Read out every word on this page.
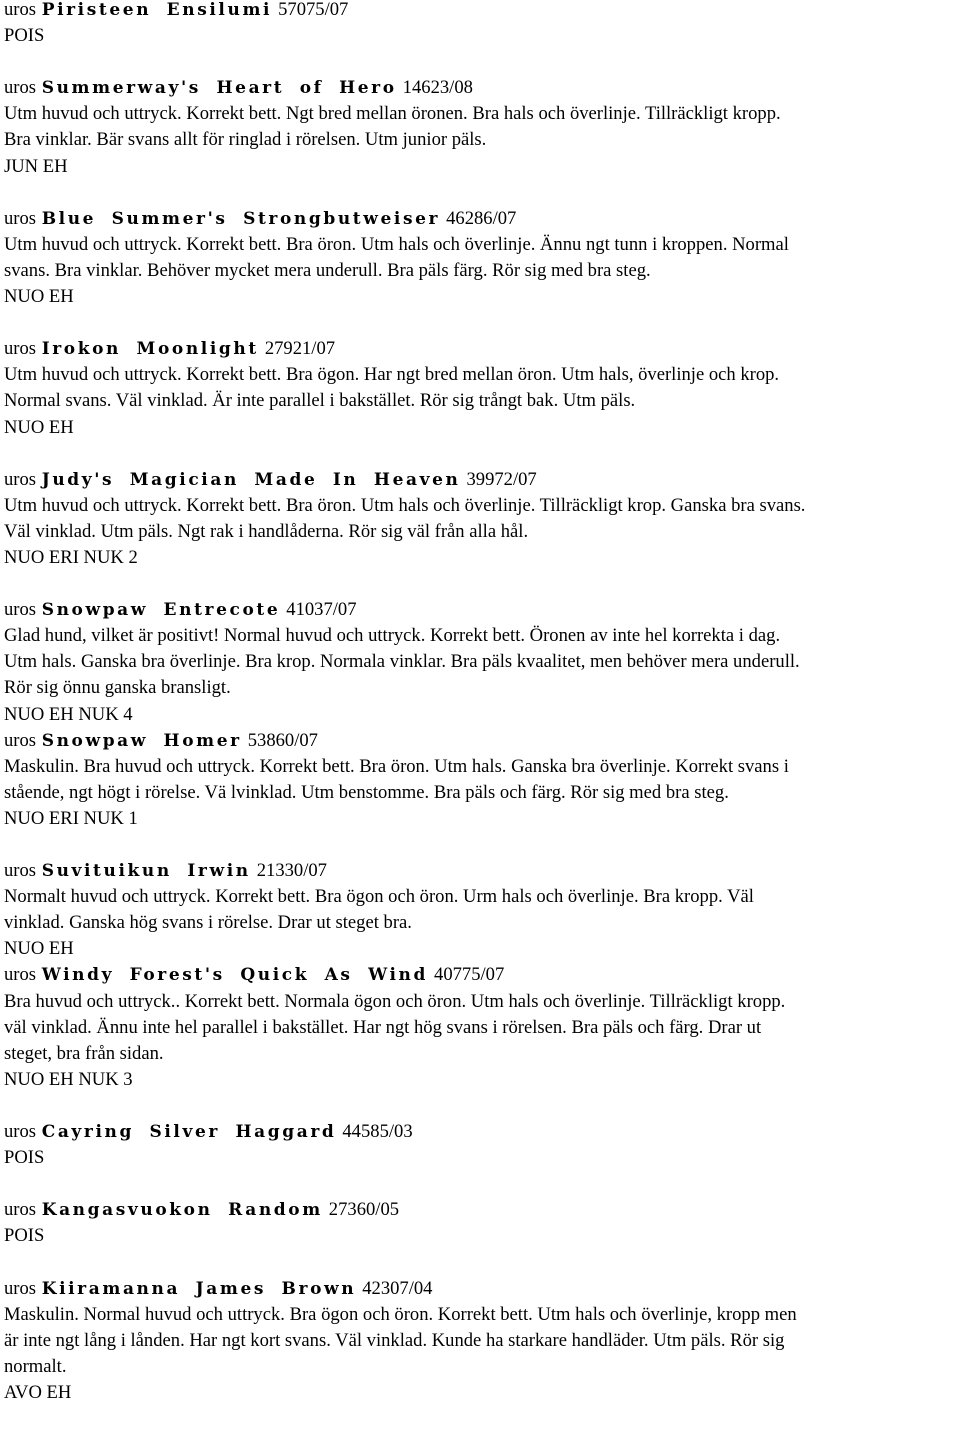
uros Piristeen Ensilumi 57075/07
POIS
uros Summerway's Heart of Hero 14623/08
Utm huvud och uttryck. Korrekt bett. Ngt bred mellan öronen. Bra hals och överlinje. Tillräckligt kropp.
Bra vinklar. Bär svans allt för ringlad i rörelsen. Utm junior päls.
JUN EH
uros Blue Summer's Strongbutweiser 46286/07
Utm huvud och uttryck. Korrekt bett. Bra öron. Utm hals och överlinje. Ännu ngt tunn i kroppen. Normal
svans. Bra vinklar. Behöver mycket mera underull. Bra päls färg. Rör sig med bra steg.
NUO EH
uros Irokon Moonlight 27921/07
Utm huvud och uttryck. Korrekt bett. Bra ögon. Har ngt bred mellan öron. Utm hals, överlinje och krop.
Normal svans. Väl vinklad. Är inte parallel i bakstället. Rör sig trångt bak. Utm päls.
NUO EH
uros Judy's Magician Made In Heaven 39972/07
Utm huvud och uttryck. Korrekt bett. Bra öron. Utm hals och överlinje. Tillräckligt krop. Ganska bra svans.
Väl vinklad. Utm päls. Ngt rak i handlåderna. Rör sig väl från alla hål.
NUO ERI NUK 2
uros Snowpaw Entrecote 41037/07
Glad hund, vilket är positivt! Normal huvud och uttryck. Korrekt bett. Öronen av inte hel korrekta i dag.
Utm hals. Ganska bra överlinje. Bra krop. Normala vinklar. Bra päls kvaalitet, men behöver mera underull.
Rör sig önnu ganska bransligt.
NUO EH NUK 4
uros Snowpaw Homer 53860/07
Maskulin. Bra huvud och uttryck. Korrekt bett. Bra öron. Utm hals. Ganska bra överlinje. Korrekt svans i
stående, ngt högt i rörelse. Vä lvinklad. Utm benstomme. Bra päls och färg. Rör sig med bra steg.
NUO ERI NUK 1
uros Suvituikun Irwin 21330/07
Normalt huvud och uttryck. Korrekt bett. Bra ögon och öron. Urm hals och överlinje. Bra kropp. Väl
vinklad. Ganska hög svans i rörelse. Drar ut steget bra.
NUO EH
uros Windy Forest's Quick As Wind 40775/07
Bra huvud och uttryck.. Korrekt bett. Normala ögon och öron. Utm hals och överlinje. Tillräckligt kropp.
väl vinklad. Ännu inte hel parallel i bakstället. Har ngt hög svans i rörelsen. Bra päls och färg. Drar ut
steget, bra från sidan.
NUO EH NUK 3
uros Cayring Silver Haggard 44585/03
POIS
uros Kangasvuokon Random 27360/05
POIS
uros Kiiramanna James Brown 42307/04
Maskulin. Normal huvud och uttryck. Bra ögon och öron. Korrekt bett. Utm hals och överlinje, kropp men
är inte ngt lång i lånden. Har ngt kort svans. Väl vinklad. Kunde ha starkare handläder. Utm päls. Rör sig
normalt.
AVO EH
